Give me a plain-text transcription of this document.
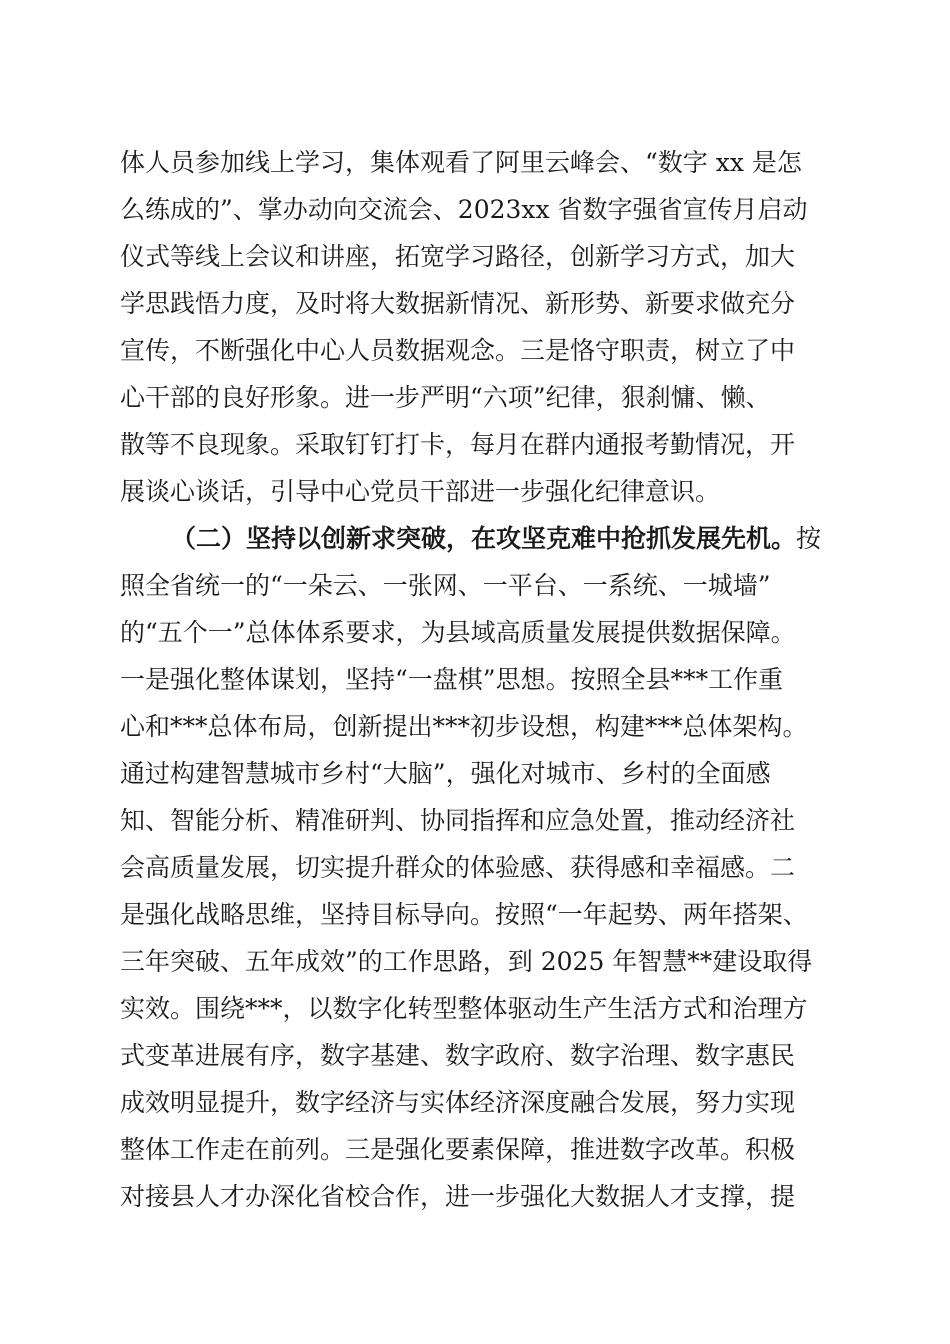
体人员参加线上学习，集体观看了阿里云峰会、“数字 xx 是怎
么练成的”、掌办动向交流会、2023xx 省数字强省宣传月启动
仪式等线上会议和讲座，拓宽学习路径，创新学习方式，加大
学思践悟力度，及时将大数据新情况、新形势、新要求做充分
宣传，不断强化中心人员数据观念。三是恪守职责，树立了中
心干部的良好形象。进一步严明“六项”纪律，狠刹慵、懒、
散等不良现象。采取钉钉打卡，每月在群内通报考勤情况，开
展谈心谈话，引导中心党员干部进一步强化纪律意识。
（二）坚持以创新求突破，在攻坚克难中抢抓发展先机。按
照全省统一的“一朵云、一张网、一平台、一系统、一城墙”
的“五个一”总体体系要求，为县域高质量发展提供数据保障。
一是强化整体谋划，坚持“一盘棋”思想。按照全县***工作重
心和***总体布局，创新提出***初步设想，构建***总体架构。
通过构建智慧城市乡村“大脑”，强化对城市、乡村的全面感
知、智能分析、精准研判、协同指挥和应急处置，推动经济社
会高质量发展，切实提升群众的体验感、获得感和幸福感。二
是强化战略思维，坚持目标导向。按照“一年起势、两年搭架、
三年突破、五年成效”的工作思路，到 2025 年智慧**建设取得
实效。围绕***，以数字化转型整体驱动生产生活方式和治理方
式变革进展有序，数字基建、数字政府、数字治理、数字惠民
成效明显提升，数字经济与实体经济深度融合发展，努力实现
整体工作走在前列。三是强化要素保障，推进数字改革。积极
对接县人才办深化省校合作，进一步强化大数据人才支撑，提
